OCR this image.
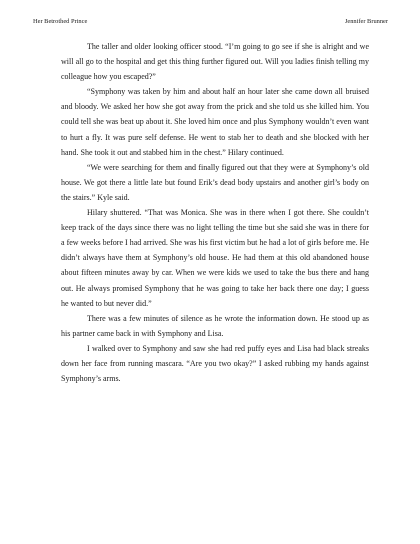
Her Betrothed Prince	Jennifer Brunner

The taller and older looking officer stood. “I’m going to go see if she is alright and we will all go to the hospital and get this thing further figured out. Will you ladies finish telling my colleague how you escaped?”

“Symphony was taken by him and about half an hour later she came down all bruised and bloody. We asked her how she got away from the prick and she told us she killed him. You could tell she was beat up about it. She loved him once and plus Symphony wouldn’t even want to hurt a fly. It was pure self defense. He went to stab her to death and she blocked with her hand. She took it out and stabbed him in the chest.” Hilary continued.

“We were searching for them and finally figured out that they were at Symphony’s old house. We got there a little late but found Erik’s dead body upstairs and another girl’s body on the stairs.” Kyle said.

Hilary shuttered. “That was Monica. She was in there when I got there. She couldn’t keep track of the days since there was no light telling the time but she said she was in there for a few weeks before I had arrived. She was his first victim but he had a lot of girls before me. He didn’t always have them at Symphony’s old house. He had them at this old abandoned house about fifteen minutes away by car. When we were kids we used to take the bus there and hang out. He always promised Symphony that he was going to take her back there one day; I guess he wanted to but never did.”

There was a few minutes of silence as he wrote the information down. He stood up as his partner came back in with Symphony and Lisa.

I walked over to Symphony and saw she had red puffy eyes and Lisa had black streaks down her face from running mascara. “Are you two okay?” I asked rubbing my hands against Symphony’s arms.
